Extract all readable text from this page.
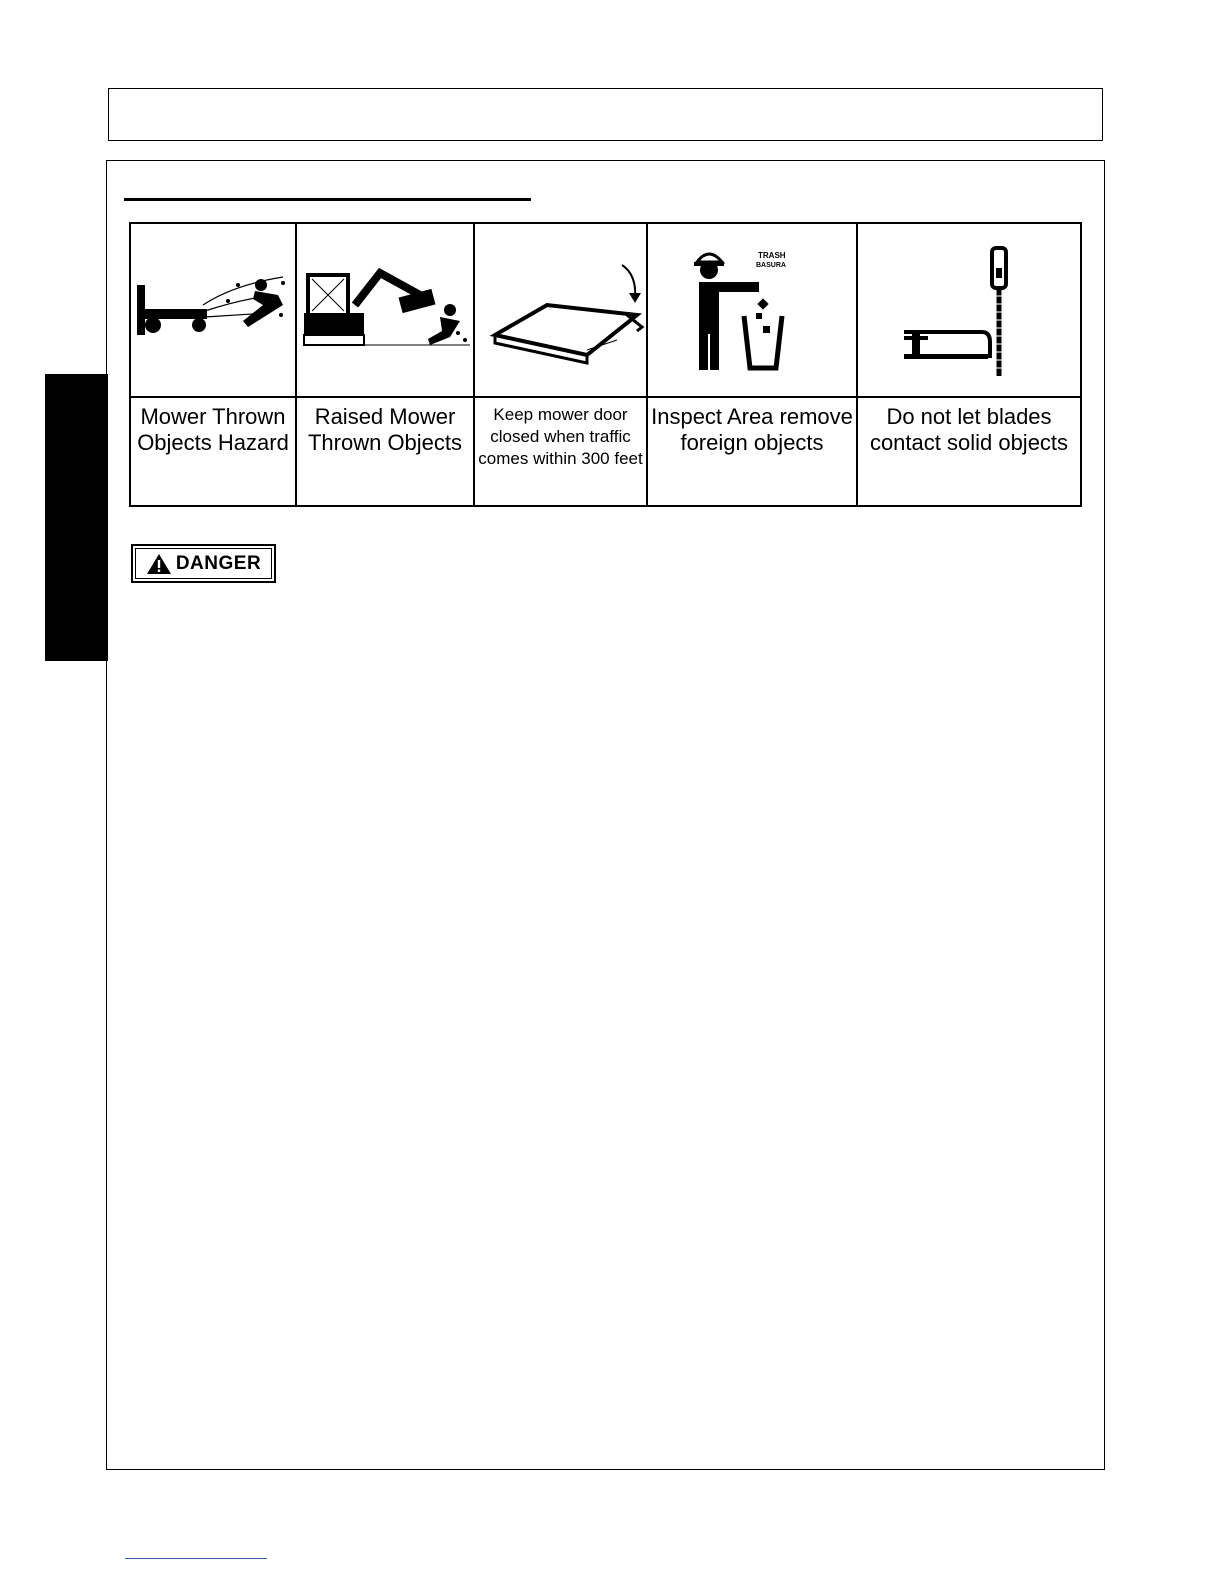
Mower Thrown Objects Hazard
Raised Mower Thrown Objects
Keep mower door closed when traffic comes within 300 feet
TRASH
BASURA
Inspect Area remove foreign objects
Do not let blades contact solid objects
DANGER
